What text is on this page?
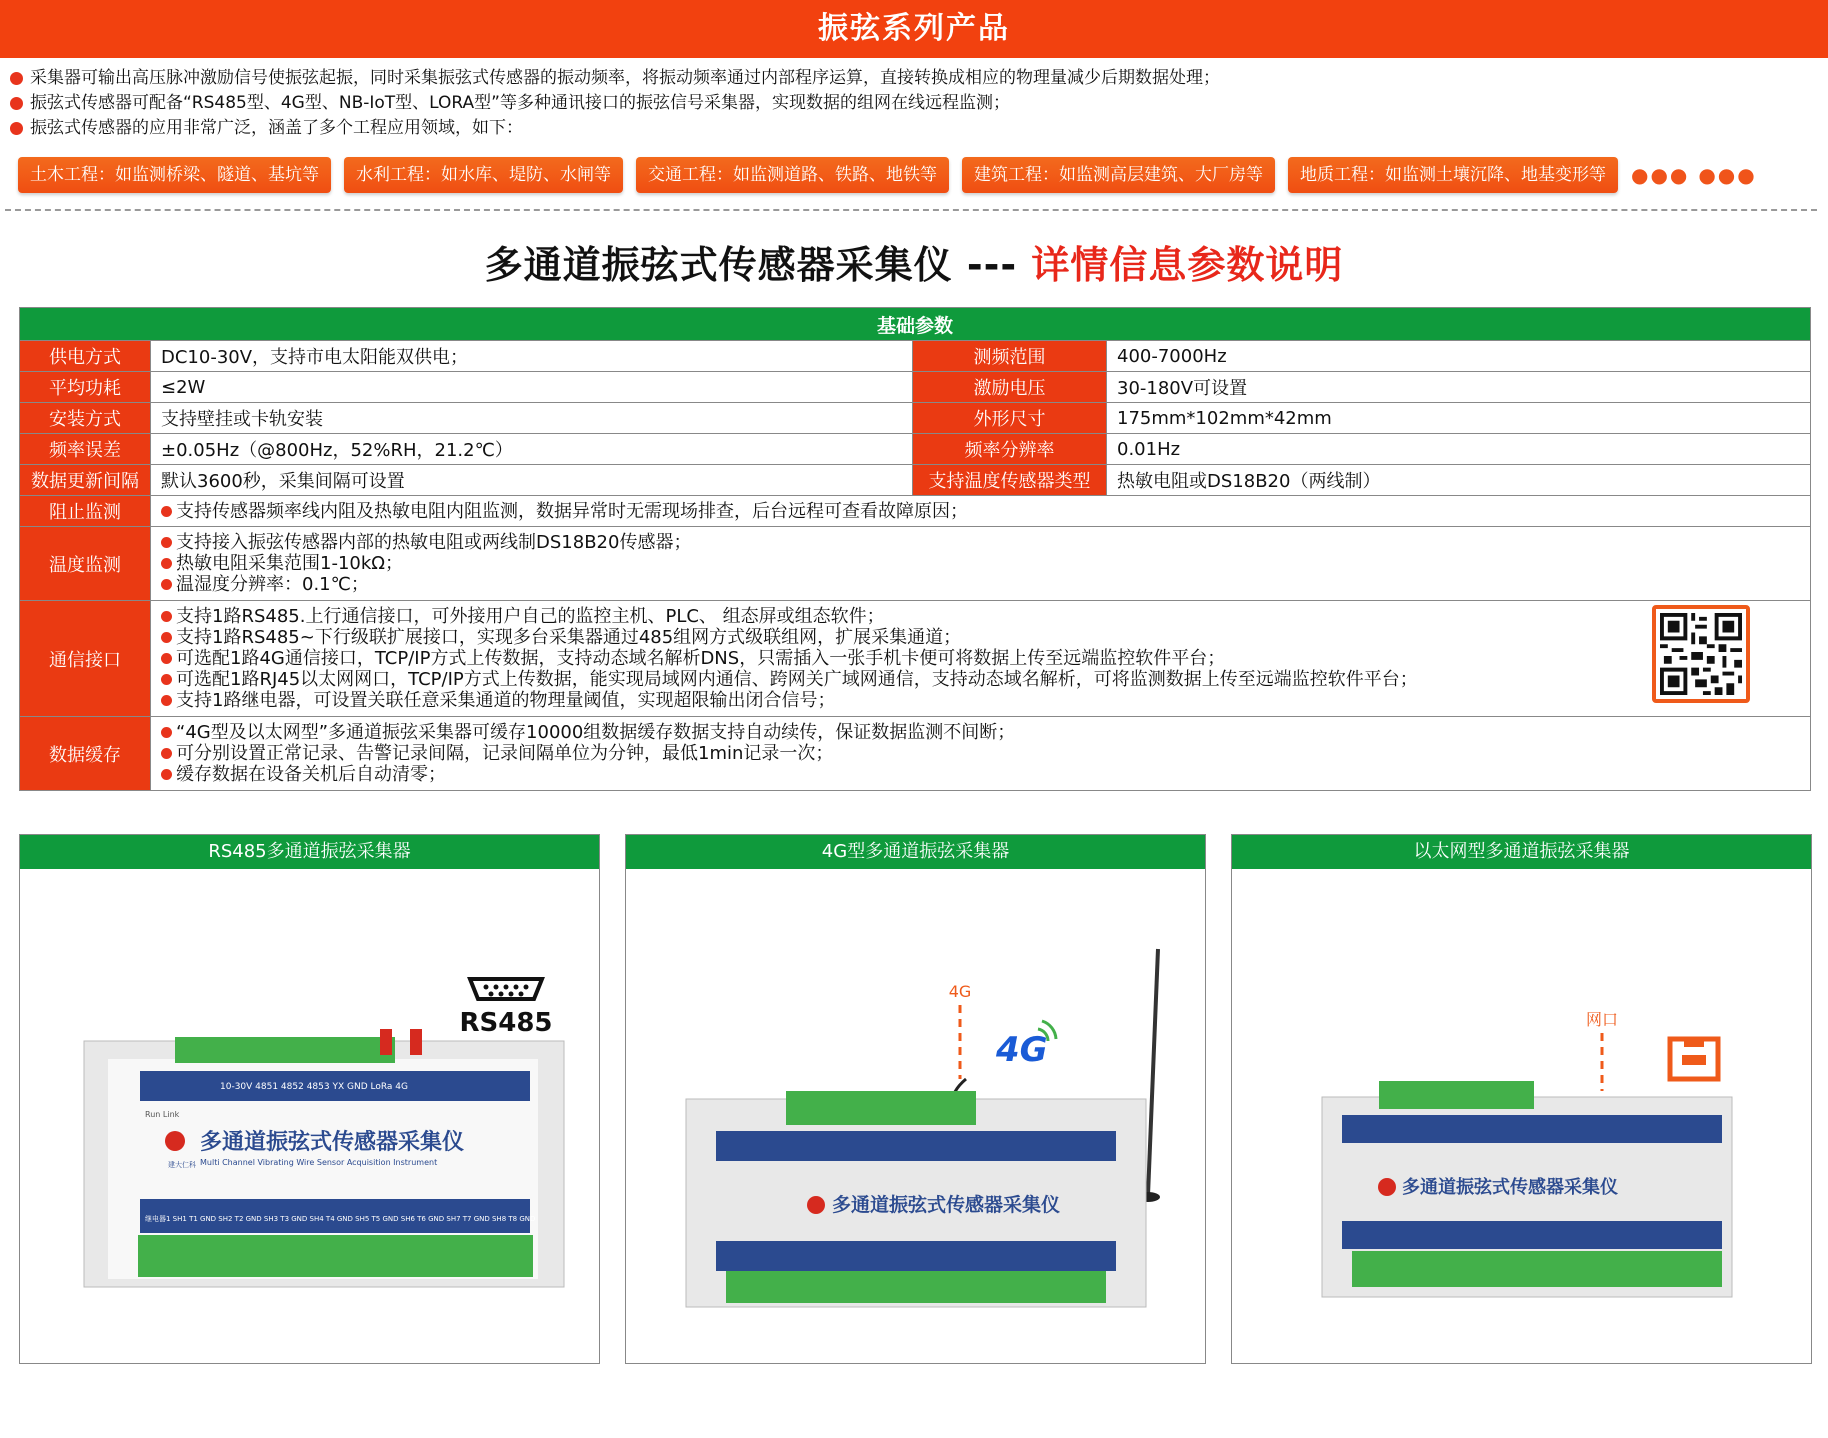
振弦系列产品
采集器可输出高压脉冲激励信号使振弦起振，同时采集振弦式传感器的振动频率，将振动频率通过内部程序运算，直接转换成相应的物理量减少后期数据处理；
振弦式传感器可配备“RS485型、4G型、NB-IoT型、LORA型”等多种通讯接口的振弦信号采集器，实现数据的组网在线远程监测；
振弦式传感器的应用非常广泛，涵盖了多个工程应用领域，如下：
土木工程：如监测桥梁、隧道、基坑等	水利工程：如水库、堤防、水闸等	交通工程：如监测道路、铁路、地铁等	建筑工程：如监测高层建筑、大厂房等	地质工程：如监测土壤沉降、地基变形等	●●● ●●●
多通道振弦式传感器采集仪 --- 详情信息参数说明
基础参数			
供电方式	DC10-30V，支持市电太阳能双供电；	测频范围	400-7000Hz
平均功耗	≤2W	激励电压	30-180V可设置
安装方式	支持壁挂或卡轨安装	外形尺寸	175mm*102mm*42mm
频率误差	±0.05Hz（@800Hz，52%RH，21.2℃）	频率分辨率	0.01Hz
数据更新间隔	默认3600秒，采集间隔可设置	支持温度传感器类型	热敏电阻或DS18B20（两线制）
阻止监测	支持传感器频率线内阻及热敏电阻内阻监测，数据异常时无需现场排查，后台远程可查看故障原因；		

温度监测	支持接入振弦传感器内部的热敏电阻或两线制DS18B20传感器；
热敏电阻采集范围1-10kΩ；
温湿度分辨率：0.1℃；		

通信接口	支持1路RS485.上行通信接口，可外接用户自己的监控主机、PLC、 组态屏或组态软件；
支持1路RS485~下行级联扩展接口，实现多台采集器通过485组网方式级联组网，扩展采集通道；
可选配1路4G通信接口，TCP/IP方式上传数据，支持动态域名解析DNS，只需插入一张手机卡便可将数据上传至远端监控软件平台；
可选配1路RJ45以太网网口，TCP/IP方式上传数据，能实现局域网内通信、跨网关广域网通信，支持动态域名解析，可将监测数据上传至远端监控软件平台；
支持1路继电器，可设置关联任意采集通道的物理量阈值，实现超限输出闭合信号；		

数据缓存	“4G型及以太网型”多通道振弦采集器可缓存10000组数据缓存数据支持自动续传，保证数据监测不间断；
可分别设置正常记录、告警记录间隔，记录间隔单位为分钟，最低1min记录一次；
缓存数据在设备关机后自动清零；		
RS485多通道振弦采集器
RS485
10-30V 4851 4852 4853 YX GND LoRa 4G
Run Link
多通道振弦式传感器采集仪
Multi Channel Vibrating Wire Sensor Acquisition Instrument
建大仁科
继电器1 SH1 T1 GND SH2 T2 GND SH3 T3 GND SH4 T4 GND SH5 T5 GND SH6 T6 GND SH7 T7 GND SH8 T8 GND
4G型多通道振弦采集器
4G
4G
多通道振弦式传感器采集仪
以太网型多通道振弦采集器
网口
多通道振弦式传感器采集仪
